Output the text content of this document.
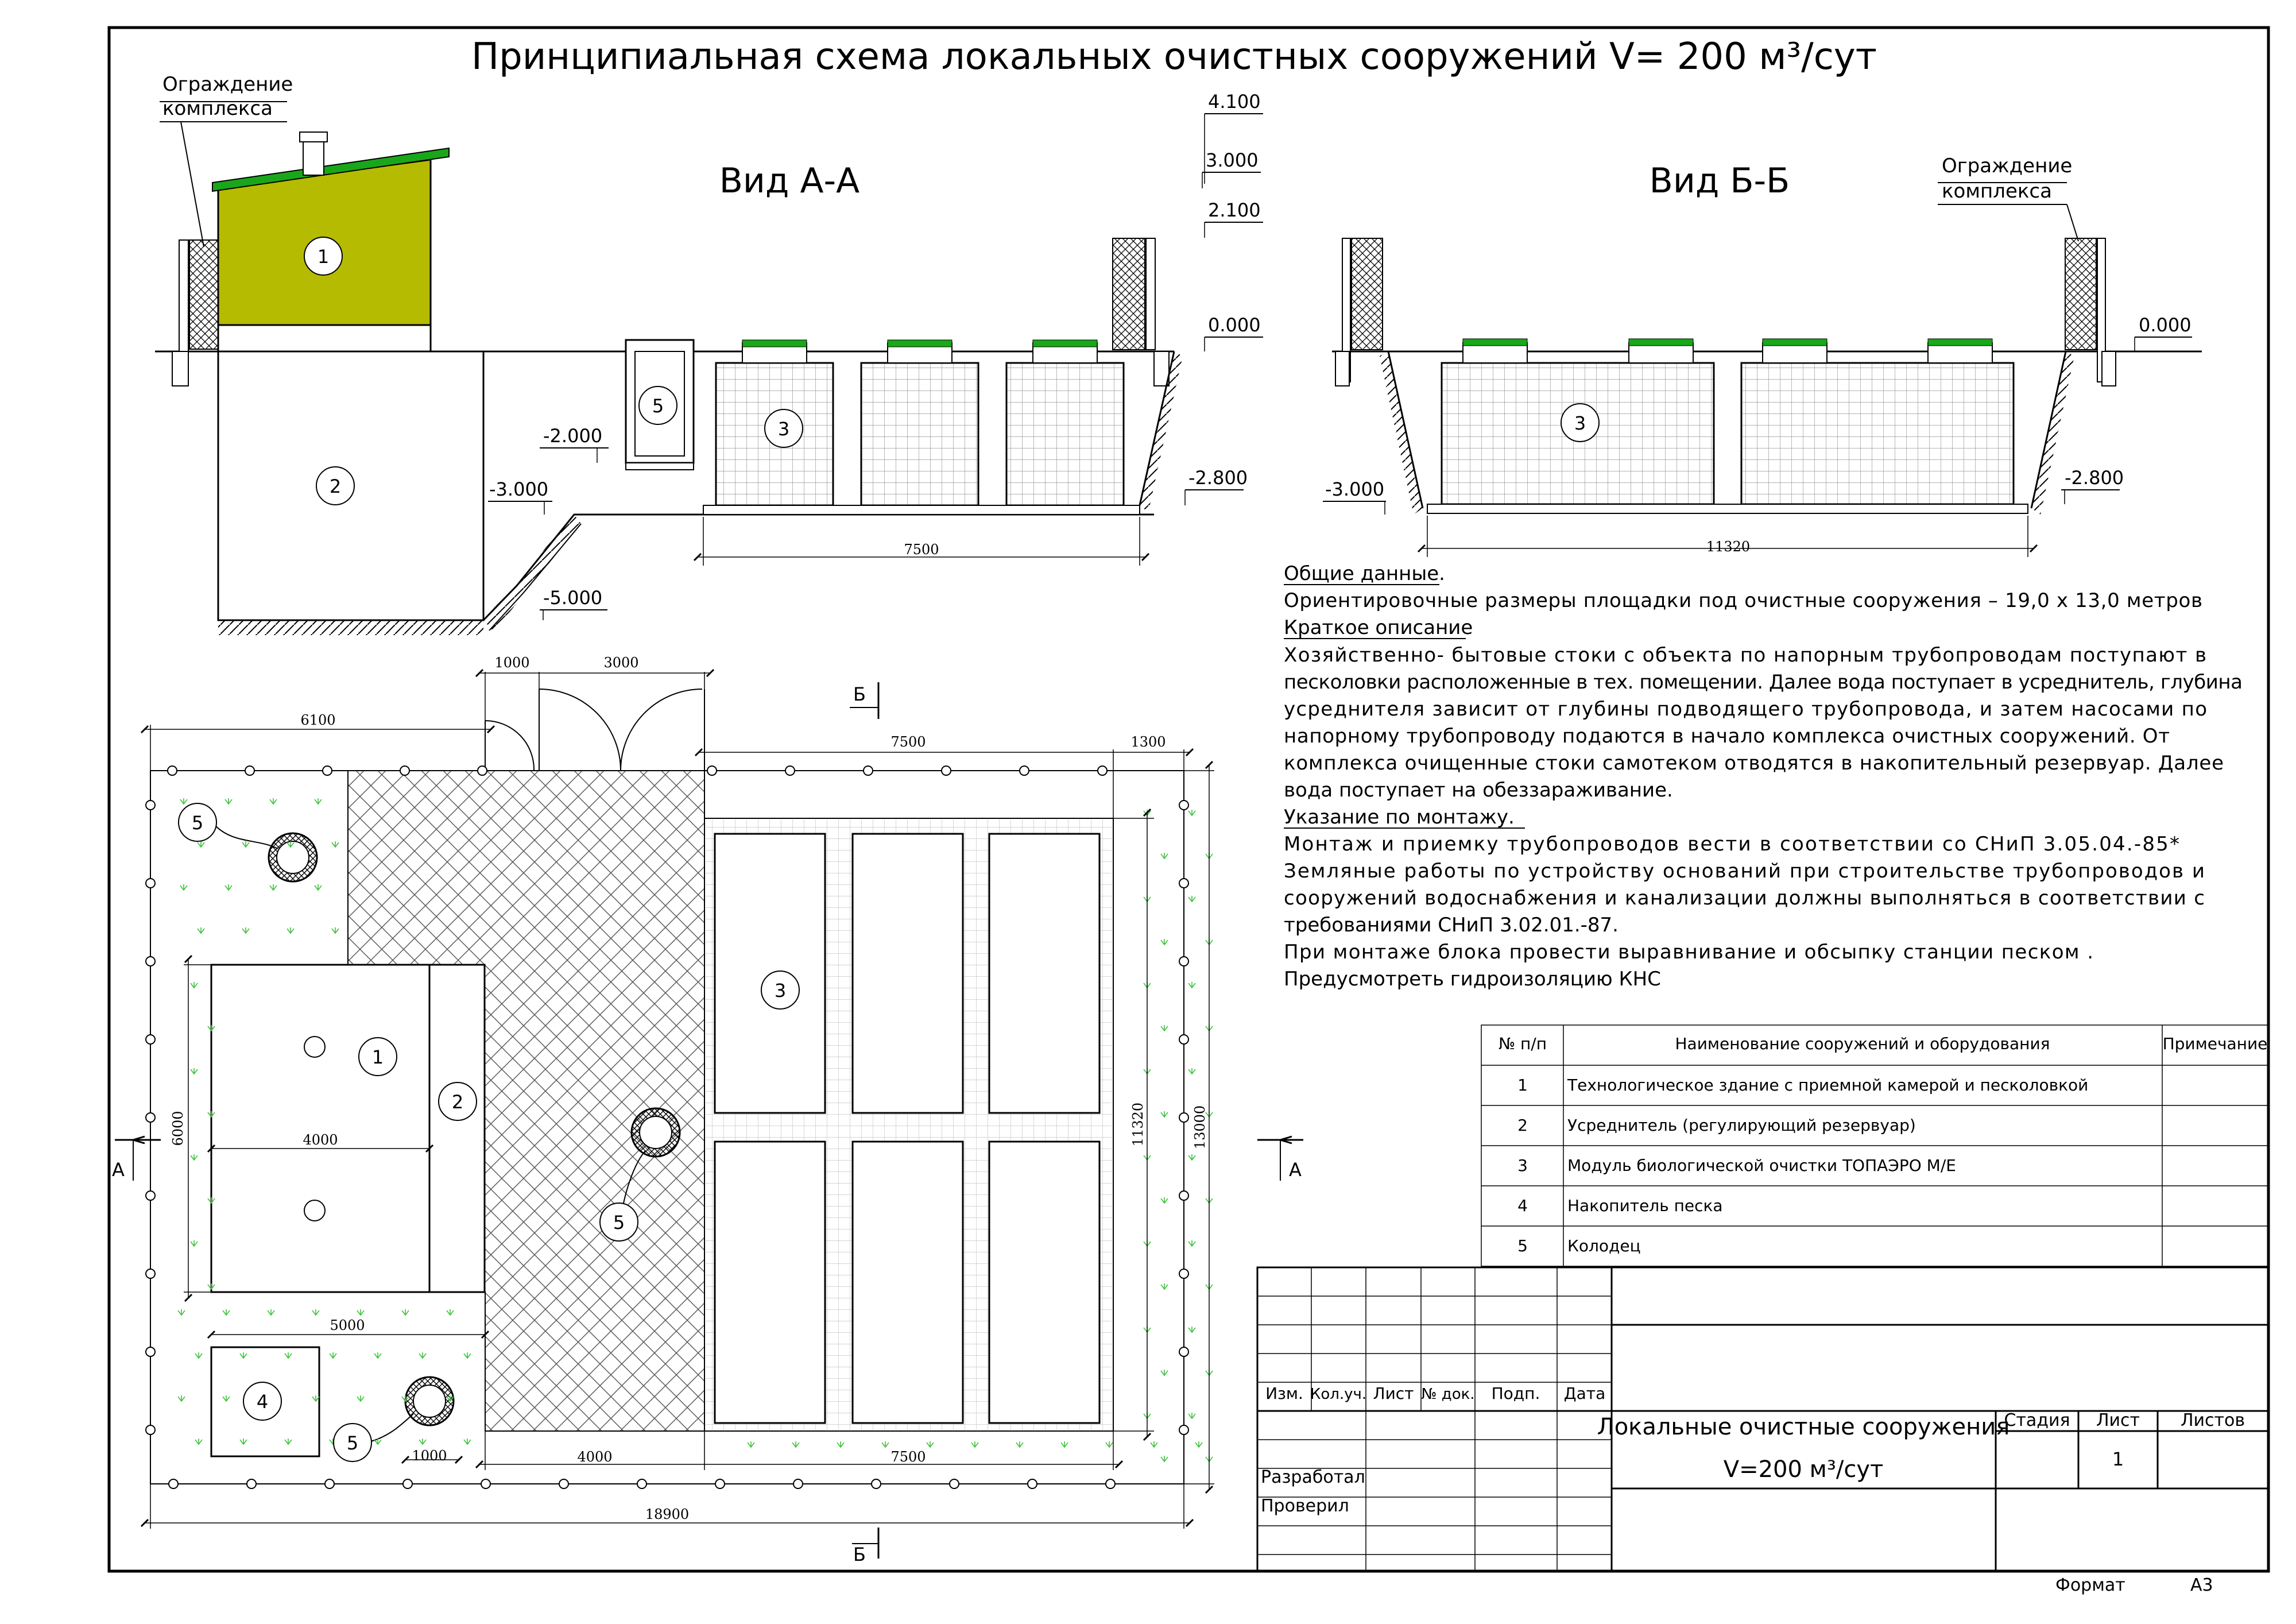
Принципиальная схема локальных очистных сооружений V= 200 м³/сут
Вид А-А
Ограждение
комплекса
7500
4.100
3.000
2.100
0.000
-2.800
-2.000
-3.000
-5.000
1
2
3
5
Вид Б-Б	Ограждение
комплекса
11320
0.000
-2.800
-3.000
3
1000	3000
6100
7500	1300
6000	4000
5000
1000	4000	7500
18900
11320	13000
А	А
Б
Б
1
2
3
4
5
5
5
Общие данные.
Ориентировочные размеры площадки под очистные сооружения – 19,0 х 13,0 метров
Краткое описание
Хозяйственно- бытовые стоки с объекта по напорным трубопроводам поступают в
песколовки расположенные в тех. помещении. Далее вода поступает в усреднитель, глубина
усреднителя зависит от глубины подводящего трубопровода, и затем насосами по
напорному трубопроводу подаются в начало комплекса очистных сооружений. От
комплекса очищенные стоки самотеком отводятся в накопительный резервуар. Далее
вода поступает на обеззараживание.
Указание по монтажу.
Монтаж и приемку трубопроводов вести в соответствии со СНиП 3.05.04.-85*
Земляные работы по устройству оснований при строительстве трубопроводов и
сооружений водоснабжения и канализации должны выполняться в соответствии с
требованиями СНиП 3.02.01.-87.
При монтаже блока провести выравнивание и обсыпку станции песком .
Предусмотреть гидроизоляцию КНС
№ п/п	Наименование сооружений и оборудования	Примечание
1 Технологическое здание с приемной камерой и песколовкой
2 Усреднитель (регулирующий резервуар)
3 Модуль биологической очистки ТОПАЭРО М/Е
4 Накопитель песка
5 Колодец
Изм. Кол.уч. Лист № док. Подп. Дата
Разработал
Проверил
Локальные очистные сооружения
V=200 м³/сут
Стадия Лист Листов
1
Формат	А3
